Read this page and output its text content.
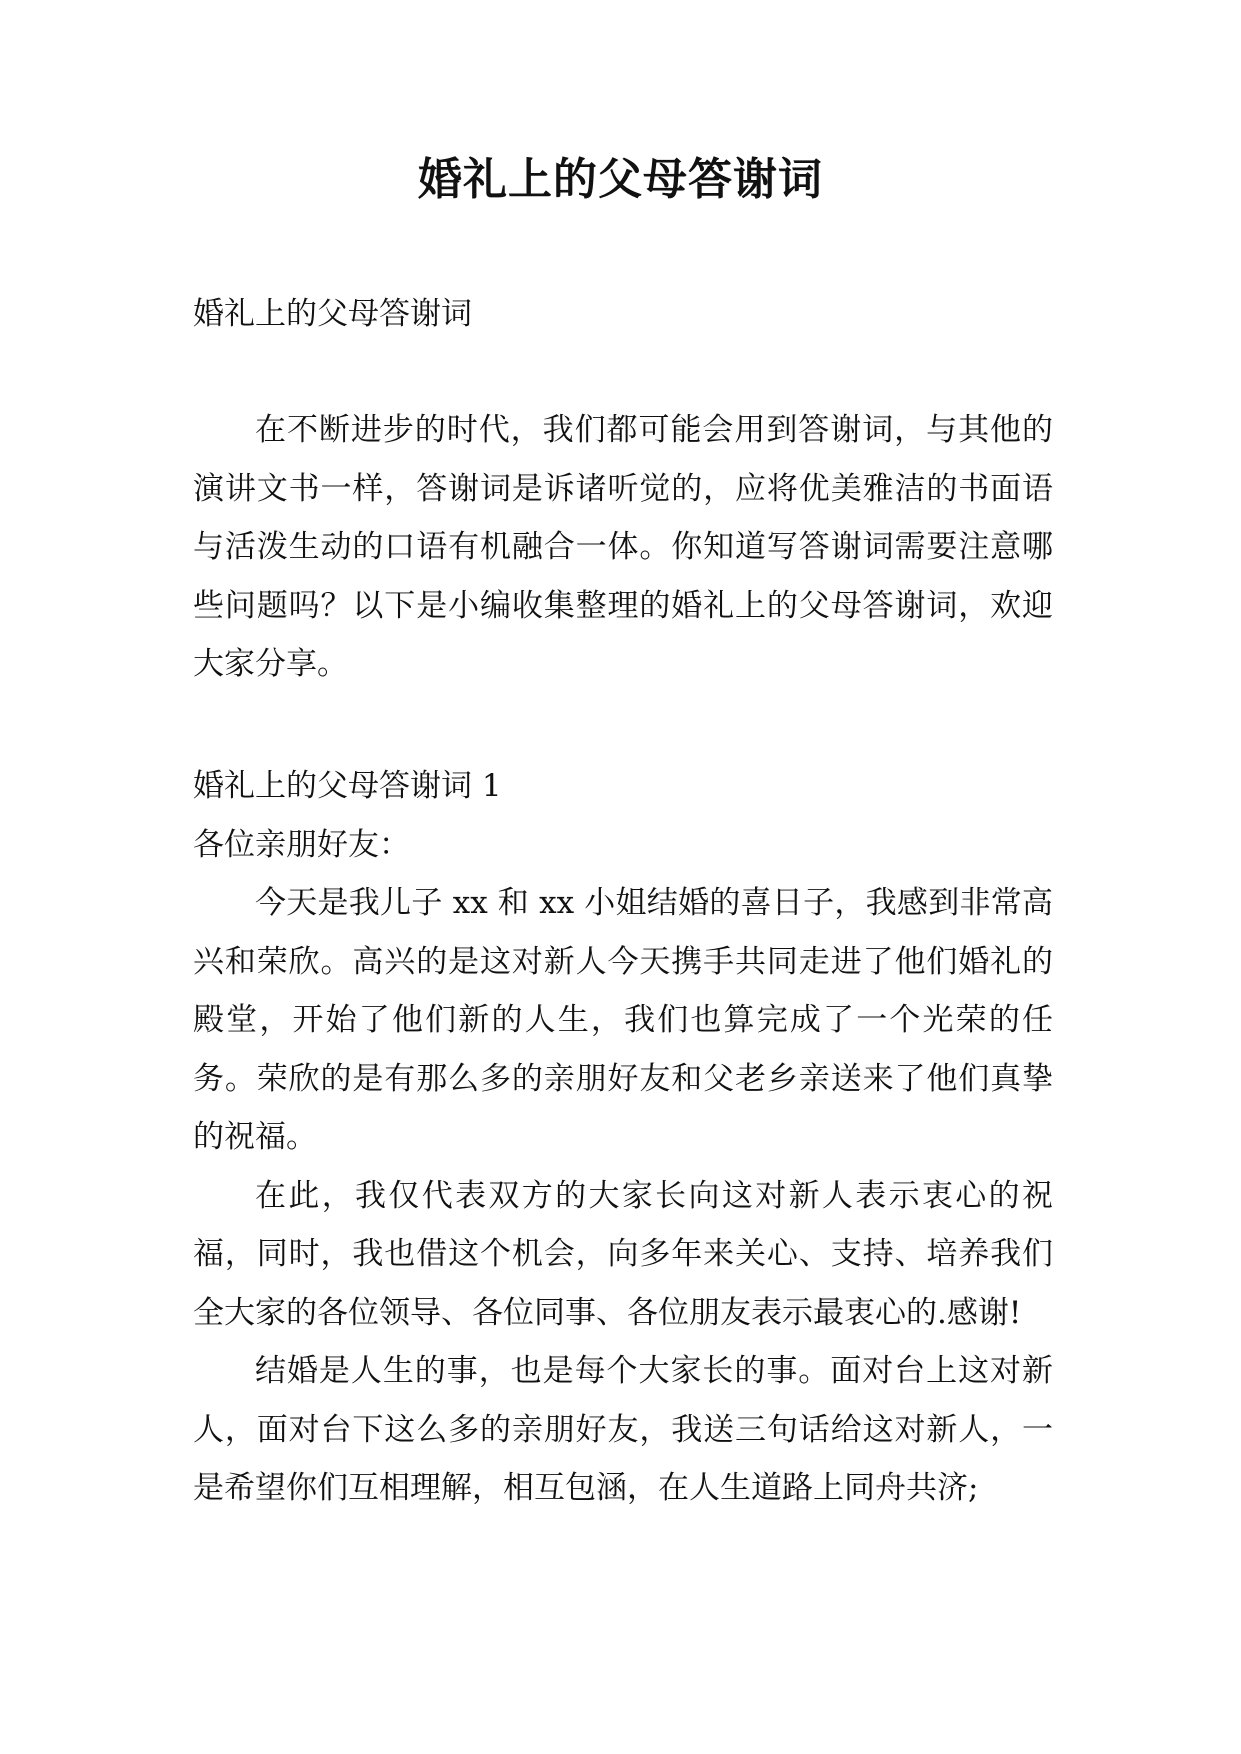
婚礼上的父母答谢词

婚礼上的父母答谢词

在不断进步的时代，我们都可能会用到答谢词，与其他的演讲文书一样，答谢词是诉诸听觉的，应将优美雅洁的书面语与活泼生动的口语有机融合一体。你知道写答谢词需要注意哪些问题吗？以下是小编收集整理的婚礼上的父母答谢词，欢迎大家分享。

婚礼上的父母答谢词 1

各位亲朋好友：

今天是我儿子 xx 和 xx 小姐结婚的喜日子，我感到非常高兴和荣欣。高兴的是这对新人今天携手共同走进了他们婚礼的殿堂，开始了他们新的人生，我们也算完成了一个光荣的任务。荣欣的是有那么多的亲朋好友和父老乡亲送来了他们真挚的祝福。

在此，我仅代表双方的大家长向这对新人表示衷心的祝福，同时，我也借这个机会，向多年来关心、支持、培养我们全大家的各位领导、各位同事、各位朋友表示最衷心的.感谢!

结婚是人生的事，也是每个大家长的事。面对台上这对新人，面对台下这么多的亲朋好友，我送三句话给这对新人，一是希望你们互相理解，相互包涵，在人生道路上同舟共济;
